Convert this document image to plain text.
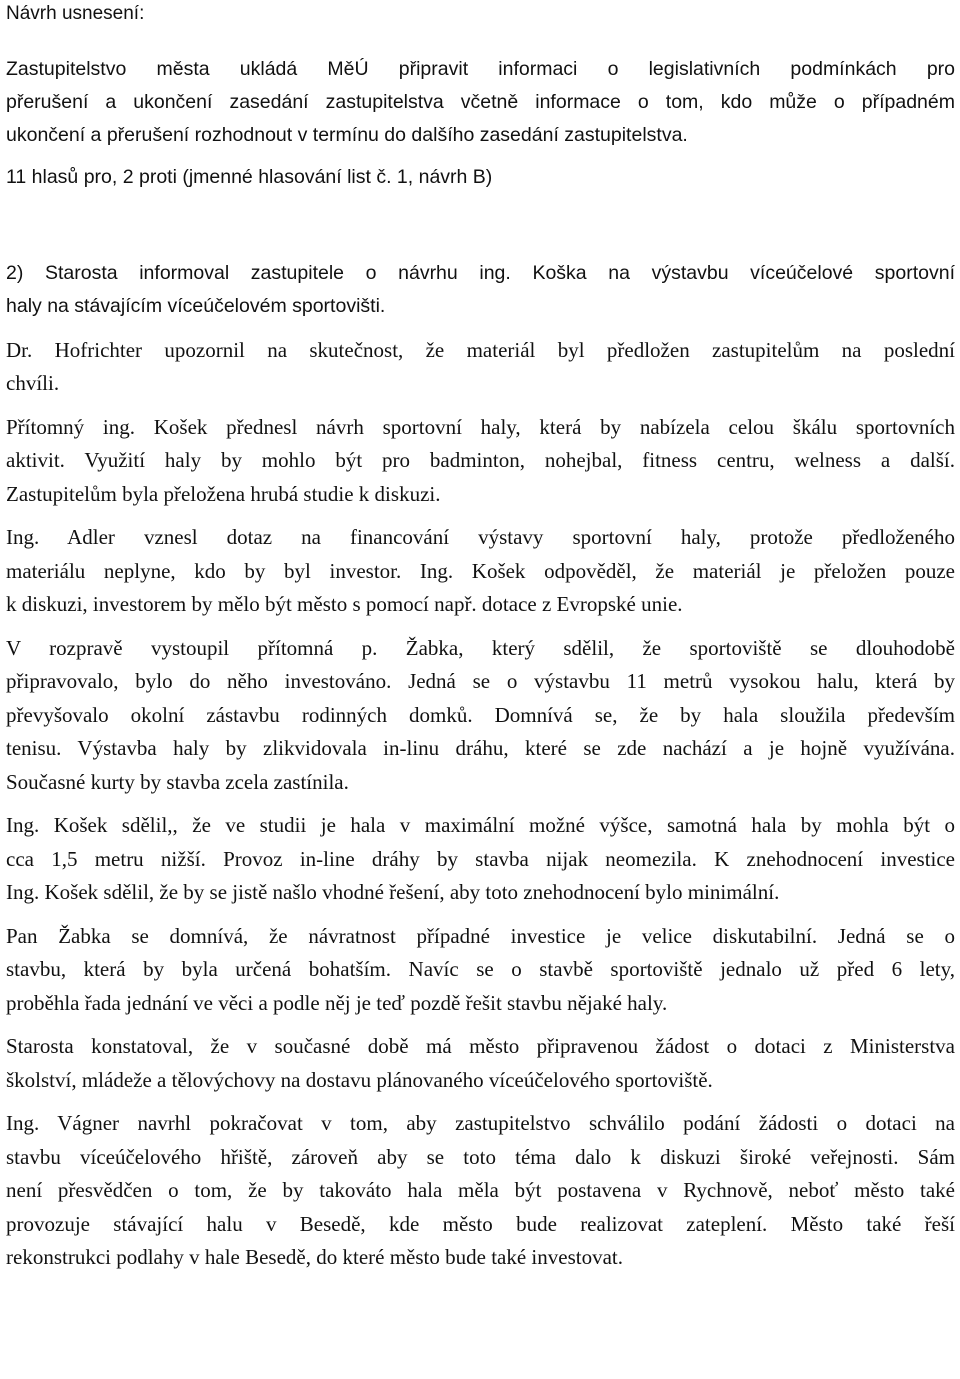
Návrh usnesení:
Zastupitelstvo města ukládá MěÚ připravit informaci o legislativních podmínkách pro
přerušení a ukončení zasedání zastupitelstva včetně informace o tom, kdo může o případném
ukončení a přerušení rozhodnout v termínu do dalšího zasedání zastupitelstva.
11 hlasů pro, 2 proti (jmenné hlasování list č. 1, návrh B)
2) Starosta informoval zastupitele o návrhu ing. Koška na výstavbu víceúčelové sportovní
haly na stávajícím víceúčelovém sportovišti.
Dr. Hofrichter upozornil na skutečnost, že materiál byl předložen zastupitelům na poslední
chvíli.
Přítomný ing. Košek přednesl návrh sportovní haly, která by nabízela celou škálu sportovních
aktivit. Využití haly by mohlo být pro badminton, nohejbal, fitness centru, welness a další.
Zastupitelům byla přeložena hrubá studie k diskuzi.
Ing. Adler vznesl dotaz na financování výstavy sportovní haly, protože předloženého
materiálu neplyne, kdo by byl investor. Ing. Košek odpověděl, že materiál je přeložen pouze
k diskuzi, investorem by mělo být město s pomocí např. dotace z Evropské unie.
V rozpravě vystoupil přítomná p. Žabka, který sdělil, že sportoviště se dlouhodobě
připravovalo, bylo do něho investováno. Jedná se o výstavbu 11 metrů vysokou halu, která by
převyšovalo okolní zástavbu rodinných domků. Domnívá se, že by hala sloužila především
tenisu. Výstavba haly by zlikvidovala in-linu dráhu, které se zde nachází a je hojně využívána.
Současné kurty by stavba zcela zastínila.
Ing. Košek sdělil,, že ve studii je hala v maximální možné výšce, samotná hala by mohla být o
cca 1,5 metru nižší. Provoz in-line dráhy by stavba nijak neomezila. K znehodnocení investice
Ing. Košek sdělil, že by se jistě našlo vhodné řešení, aby toto znehodnocení bylo minimální.
Pan Žabka se domnívá, že návratnost případné investice je velice diskutabilní. Jedná se o
stavbu, která by byla určená bohatším. Navíc se o stavbě sportoviště jednalo už před 6 lety,
proběhla řada jednání ve věci a podle něj je teď pozdě řešit stavbu nějaké haly.
Starosta konstatoval, že v současné době má město připravenou žádost o dotaci z Ministerstva
školství, mládeže a tělovýchovy na dostavu plánovaného víceúčelového sportoviště.
Ing. Vágner navrhl pokračovat v tom, aby zastupitelstvo schválilo podání žádosti o dotaci na
stavbu víceúčelového hřiště, zároveň aby se toto téma dalo k diskuzi široké veřejnosti. Sám
není přesvědčen o tom, že by takováto hala měla být postavena v Rychnově, neboť město také
provozuje stávající halu v Besedě, kde město bude realizovat zateplení. Město také řeší
rekonstrukci podlahy v hale Besedě, do které město bude také investovat.
